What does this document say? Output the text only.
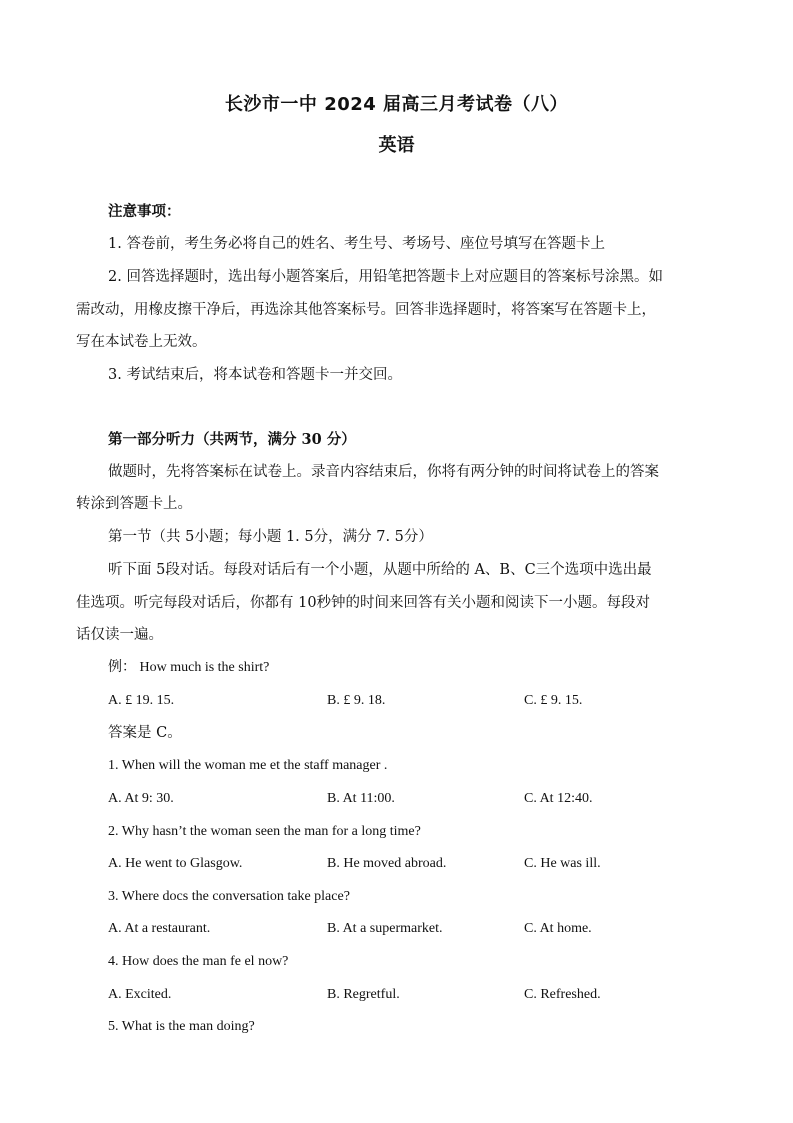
长沙市一中 2024 届高三月考试卷（八）
英语
注意事项：
1. 答卷前，考生务必将自己的姓名、考生号、考场号、座位号填写在答题卡上
2. 回答选择题时，选出每小题答案后，用铅笔把答题卡上对应题目的答案标号涂黑。如
需改动，用橡皮擦干净后，再选涂其他答案标号。回答非选择题时，将答案写在答题卡上，
写在本试卷上无效。
3. 考试结束后，将本试卷和答题卡一并交回。
第一部分听力（共两节，满分 30 分）
做题时，先将答案标在试卷上。录音内容结束后，你将有两分钟的时间将试卷上的答案
转涂到答题卡上。
第一节（共 5小题；每小题 1. 5分，满分 7. 5分）
听下面 5段对话。每段对话后有一个小题，从题中所给的 A、B、C三个选项中选出最
佳选项。听完每段对话后，你都有 10秒钟的时间来回答有关小题和阅读下一小题。每段对
话仅读一遍。
例： How much is the shirt?
A. £ 19. 15.	B. £ 9. 18.	C. £ 9. 15.
答案是 C。
1. When will the woman me et the staff manager .
A. At 9: 30.	B. At 11:00.	C. At 12:40.
2. Why hasn’t the woman seen the man for a long time?
A. He went to Glasgow.	B. He moved abroad.	C. He was ill.
3. Where docs the conversation take place?
A. At a restaurant.	B. At a supermarket.	C. At home.
4. How does the man fe el now?
A. Excited.	B. Regretful.	C. Refreshed.
5. What is the man doing?
